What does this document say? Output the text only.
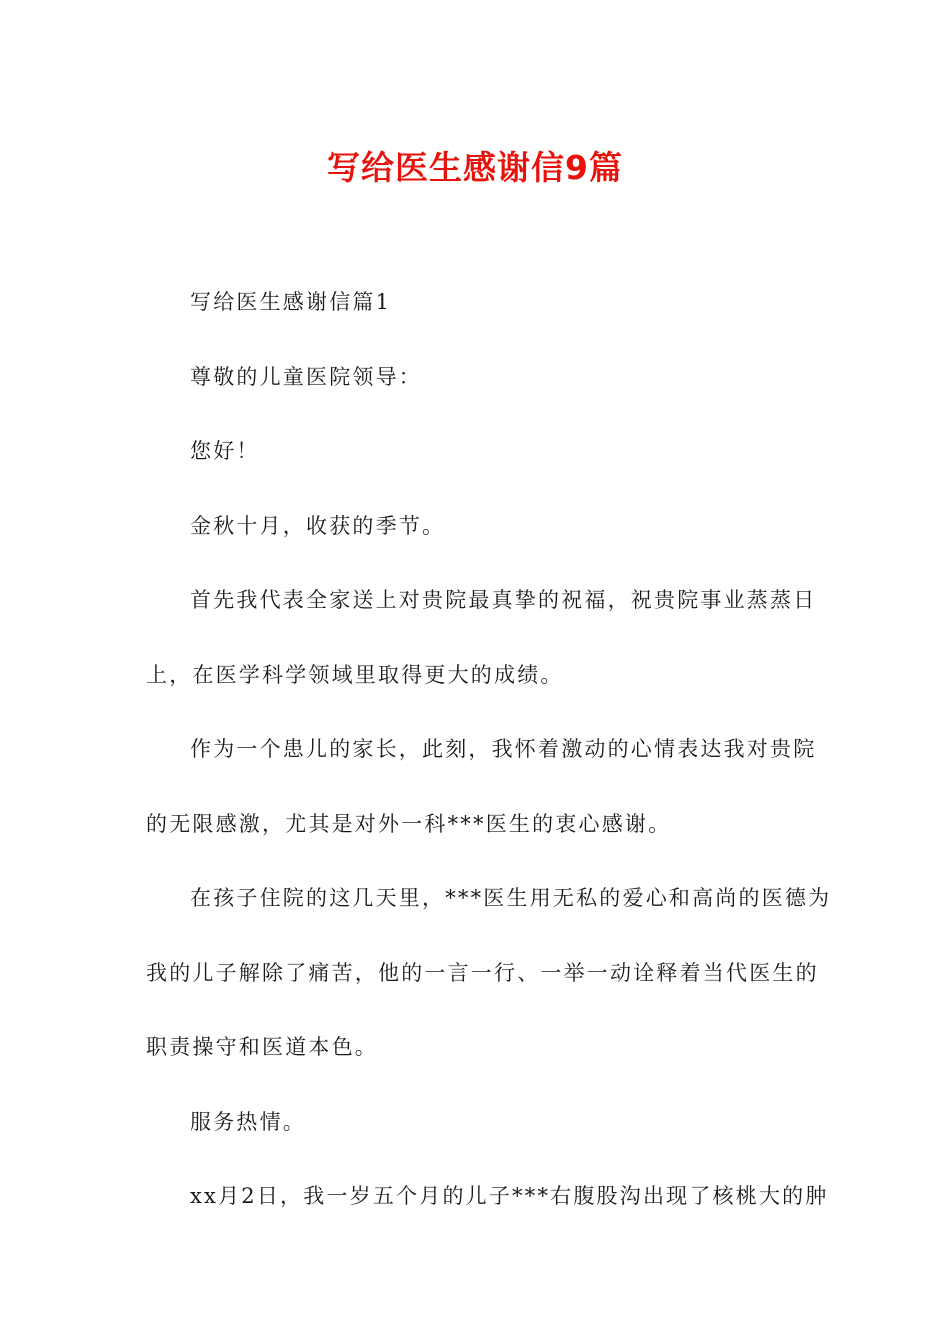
写给医生感谢信9篇
写给医生感谢信篇1
尊敬的儿童医院领导：
您好！
金秋十月，收获的季节。
首先我代表全家送上对贵院最真挚的祝福，祝贵院事业蒸蒸日
上，在医学科学领域里取得更大的成绩。
作为一个患儿的家长，此刻，我怀着激动的心情表达我对贵院
的无限感激，尤其是对外一科***医生的衷心感谢。
在孩子住院的这几天里，***医生用无私的爱心和高尚的医德为
我的儿子解除了痛苦，他的一言一行、一举一动诠释着当代医生的
职责操守和医道本色。
服务热情。
xx月2日，我一岁五个月的儿子***右腹股沟出现了核桃大的肿
